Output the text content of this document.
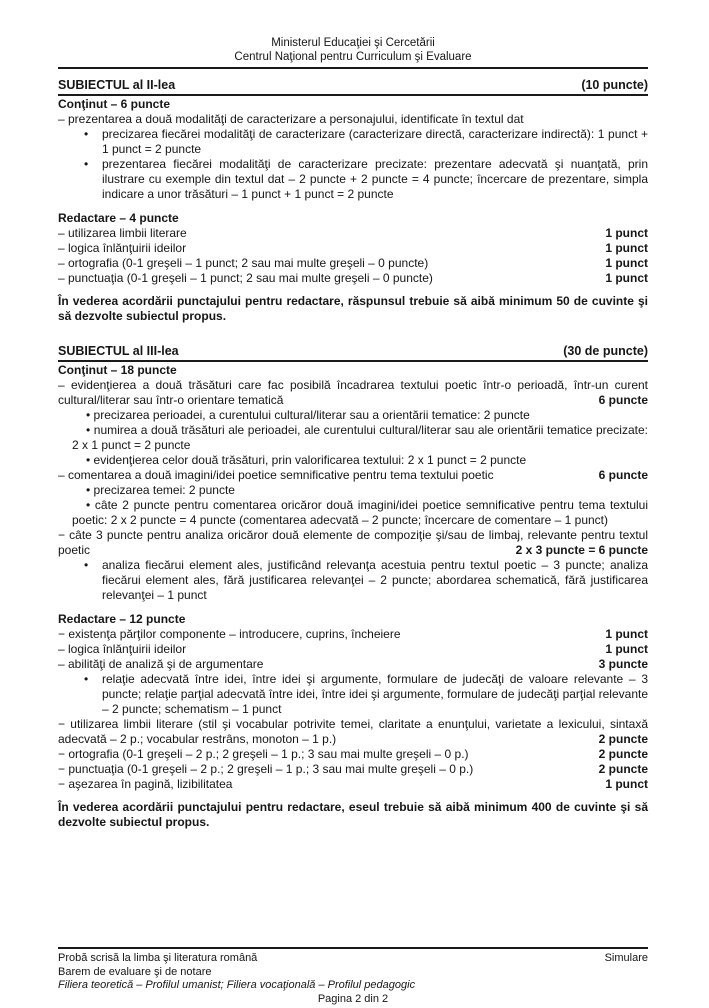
Ministerul Educaţiei şi Cercetării
Centrul Naţional pentru Curriculum şi Evaluare
SUBIECTUL al II-lea	(10 puncte)
Conţinut – 6 puncte
– prezentarea a două modalităţi de caracterizare a personajului, identificate în textul dat
• precizarea fiecărei modalităţi de caracterizare (caracterizare directă, caracterizare indirectă): 1 punct + 1 punct = 2 puncte
• prezentarea fiecărei modalităţi de caracterizare precizate: prezentare adecvată şi nuanţată, prin ilustrare cu exemple din textul dat – 2 puncte + 2 puncte = 4 puncte; încercare de prezentare, simpla indicare a unor trăsături – 1 punct + 1 punct = 2 puncte
Redactare – 4 puncte
– utilizarea limbii literare	1 punct
– logica înlănţuirii ideilor	1 punct
– ortografia (0-1 greşeli – 1 punct; 2 sau mai multe greşeli – 0 puncte)	1 punct
– punctuaţia (0-1 greşeli – 1 punct; 2 sau mai multe greşeli – 0 puncte)	1 punct
În vederea acordării punctajului pentru redactare, răspunsul trebuie să aibă minimum 50 de cuvinte şi să dezvolte subiectul propus.
SUBIECTUL al III-lea	(30 de puncte)
Conţinut – 18 puncte
– evidenţierea a două trăsături care fac posibilă încadrarea textului poetic într-o perioadă, într-un curent cultural/literar sau într-o orientare tematică	6 puncte
• precizarea perioadei, a curentului cultural/literar sau a orientării tematice: 2 puncte
• numirea a două trăsături ale perioadei, ale curentului cultural/literar sau ale orientării tematice precizate: 2 x 1 punct = 2 puncte
• evidenţierea celor două trăsături, prin valorificarea textului: 2 x 1 punct = 2 puncte
– comentarea a două imagini/idei poetice semnificative pentru tema textului poetic	6 puncte
• precizarea temei: 2 puncte
• câte 2 puncte pentru comentarea oricăror două imagini/idei poetice semnificative pentru tema textului poetic: 2 x 2 puncte = 4 puncte (comentarea adecvată – 2 puncte; încercare de comentare – 1 punct)
− câte 3 puncte pentru analiza oricăror două elemente de compoziţie şi/sau de limbaj, relevante pentru textul poetic	2 x 3 puncte = 6 puncte
• analiza fiecărui element ales, justificând relevanţa acestuia pentru textul poetic – 3 puncte; analiza fiecărui element ales, fără justificarea relevanţei – 2 puncte; abordarea schematică, fără justificarea relevanţei – 1 punct
Redactare – 12 puncte
− existenţa părţilor componente – introducere, cuprins, încheiere	1 punct
– logica înlănţuirii ideilor	1 punct
– abilităţi de analiză şi de argumentare	3 puncte
• relaţie adecvată între idei, între idei şi argumente, formulare de judecăţi de valoare relevante – 3 puncte; relaţie parţial adecvată între idei, între idei şi argumente, formulare de judecăţi parţial relevante – 2 puncte; schematism – 1 punct
− utilizarea limbii literare (stil şi vocabular potrivite temei, claritate a enunţului, varietate a lexicului, sintaxă adecvată – 2 p.; vocabular restrâns, monoton – 1 p.)	2 puncte
− ortografia (0-1 greşeli – 2 p.; 2 greşeli – 1 p.; 3 sau mai multe greşeli – 0 p.)	2 puncte
− punctuaţia (0-1 greşeli – 2 p.; 2 greşeli – 1 p.; 3 sau mai multe greşeli – 0 p.)	2 puncte
− aşezarea în pagină, lizibilitatea	1 punct
În vederea acordării punctajului pentru redactare, eseul trebuie să aibă minimum 400 de cuvinte şi să dezvolte subiectul propus.
Probă scrisă la limba şi literatura română	Simulare
Barem de evaluare şi de notare
Filiera teoretică – Profilul umanist; Filiera vocaţională – Profilul pedagogic
Pagina 2 din 2
